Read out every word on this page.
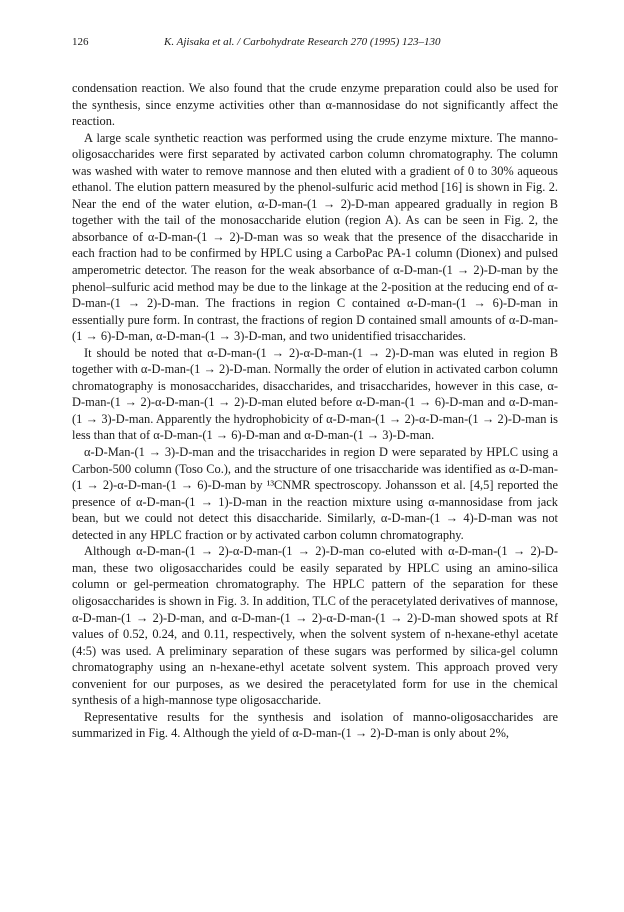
126	K. Ajisaka et al. / Carbohydrate Research 270 (1995) 123–130

condensation reaction. We also found that the crude enzyme preparation could also be used for the synthesis, since enzyme activities other than α-mannosidase do not significantly affect the reaction.

A large scale synthetic reaction was performed using the crude enzyme mixture. The manno-oligosaccharides were first separated by activated carbon column chromatography. The column was washed with water to remove mannose and then eluted with a gradient of 0 to 30% aqueous ethanol. The elution pattern measured by the phenol-sulfuric acid method [16] is shown in Fig. 2. Near the end of the water elution, α-D-man-(1 → 2)-D-man appeared gradually in region B together with the tail of the monosaccharide elution (region A). As can be seen in Fig. 2, the absorbance of α-D-man-(1 → 2)-D-man was so weak that the presence of the disaccharide in each fraction had to be confirmed by HPLC using a CarboPac PA-1 column (Dionex) and pulsed amperometric detector. The reason for the weak absorbance of α-D-man-(1 → 2)-D-man by the phenol–sulfuric acid method may be due to the linkage at the 2-position at the reducing end of α-D-man-(1 → 2)-D-man. The fractions in region C contained α-D-man-(1 → 6)-D-man in essentially pure form. In contrast, the fractions of region D contained small amounts of α-D-man-(1 → 6)-D-man, α-D-man-(1 → 3)-D-man, and two unidentified trisaccharides.

It should be noted that α-D-man-(1 → 2)-α-D-man-(1 → 2)-D-man was eluted in region B together with α-D-man-(1 → 2)-D-man. Normally the order of elution in activated carbon column chromatography is monosaccharides, disaccharides, and trisaccharides, however in this case, α-D-man-(1 → 2)-α-D-man-(1 → 2)-D-man eluted before α-D-man-(1 → 6)-D-man and α-D-man-(1 → 3)-D-man. Apparently the hydrophobicity of α-D-man-(1 → 2)-α-D-man-(1 → 2)-D-man is less than that of α-D-man-(1 → 6)-D-man and α-D-man-(1 → 3)-D-man.

α-D-Man-(1 → 3)-D-man and the trisaccharides in region D were separated by HPLC using a Carbon-500 column (Toso Co.), and the structure of one trisaccharide was identified as α-D-man-(1 → 2)-α-D-man-(1 → 6)-D-man by ¹³CNMR spectroscopy. Johansson et al. [4,5] reported the presence of α-D-man-(1 → 1)-D-man in the reaction mixture using α-mannosidase from jack bean, but we could not detect this disaccharide. Similarly, α-D-man-(1 → 4)-D-man was not detected in any HPLC fraction or by activated carbon column chromatography.

Although α-D-man-(1 → 2)-α-D-man-(1 → 2)-D-man co-eluted with α-D-man-(1 → 2)-D-man, these two oligosaccharides could be easily separated by HPLC using an amino-silica column or gel-permeation chromatography. The HPLC pattern of the separation for these oligosaccharides is shown in Fig. 3. In addition, TLC of the peracetylated derivatives of mannose, α-D-man-(1 → 2)-D-man, and α-D-man-(1 → 2)-α-D-man-(1 → 2)-D-man showed spots at Rf values of 0.52, 0.24, and 0.11, respectively, when the solvent system of n-hexane-ethyl acetate (4:5) was used. A preliminary separation of these sugars was performed by silica-gel column chromatography using an n-hexane-ethyl acetate solvent system. This approach proved very convenient for our purposes, as we desired the peracetylated form for use in the chemical synthesis of a high-mannose type oligosaccharide.

Representative results for the synthesis and isolation of manno-oligosaccharides are summarized in Fig. 4. Although the yield of α-D-man-(1 → 2)-D-man is only about 2%,
